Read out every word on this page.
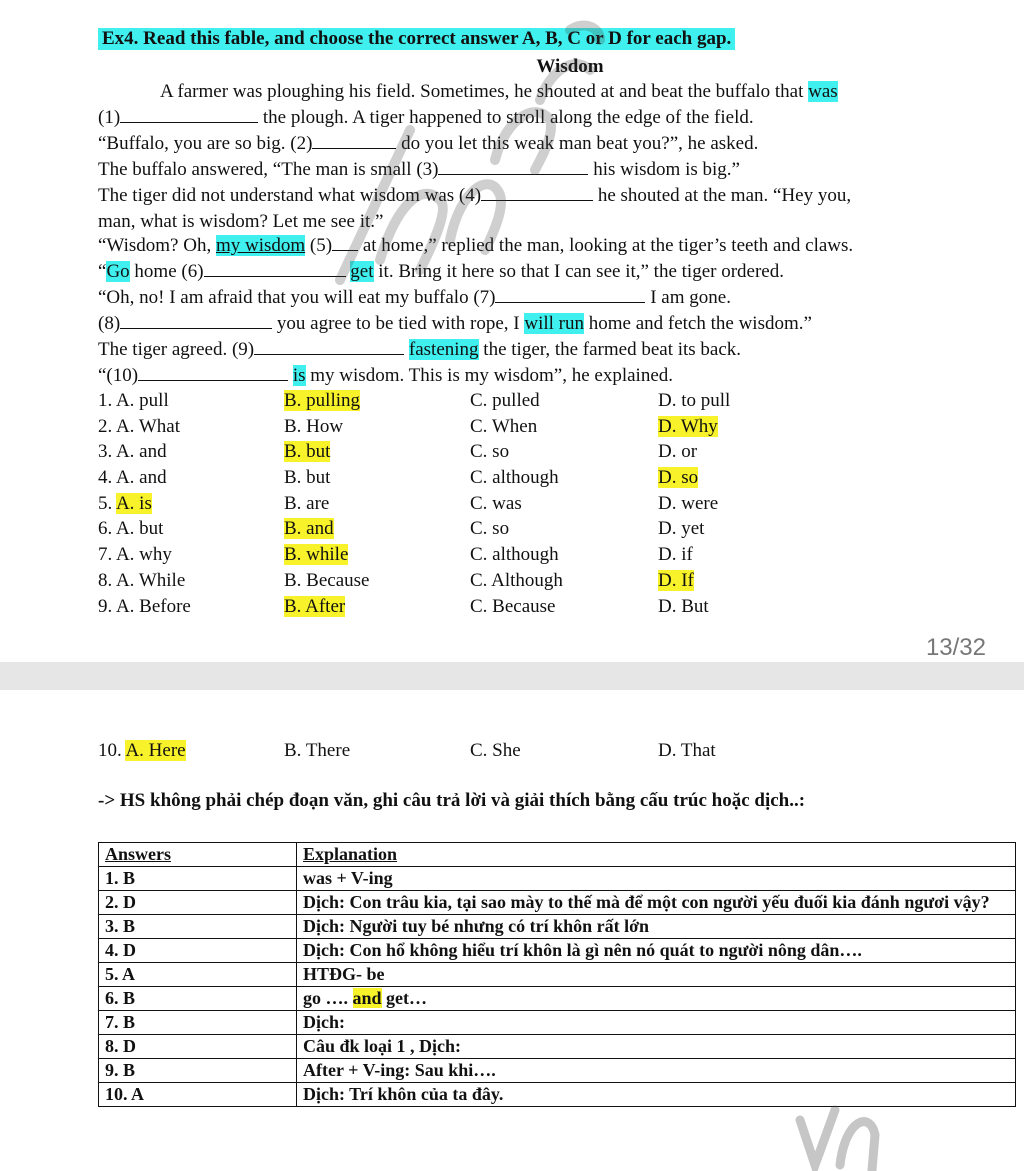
Ex4. Read this fable, and choose the correct answer A, B, C or D for each gap.
Wisdom
A farmer was ploughing his field. Sometimes, he shouted at and beat the buffalo that was
(1)	the plough. A tiger happened to stroll along the edge of the field.
“Buffalo, you are so big. (2)	do you let this weak man beat you?”, he asked.
The buffalo answered, “The man is small (3)	his wisdom is big.”
The tiger did not understand what wisdom was (4)	he shouted at the man. “Hey you,
man, what is wisdom? Let me see it.”
“Wisdom? Oh, my wisdom (5) at home,” replied the man, looking at the tiger’s teeth and claws.
“Go home (6)	get it. Bring it here so that I can see it,” the tiger ordered.
“Oh, no! I am afraid that you will eat my buffalo (7)	I am gone.
(8)	you agree to be tied with rope, I will run home and fetch the wisdom.”
The tiger agreed. (9)	fastening the tiger, the farmed beat its back.
“(10)	is my wisdom. This is my wisdom”, he explained.
1. A. pull	B. pulling	C. pulled	D. to pull
2. A. What	B. How	C. When	D. Why
3. A. and	B. but	C. so	D. or
4. A. and	B. but	C. although	D. so
5. A. is	B. are	C. was	D. were
6. A. but	B. and	C. so	D. yet
7. A. why	B. while	C. although	D. if
8. A. While	B. Because	C. Although	D. If
9. A. Before	B. After	C. Because	D. But
13/32
10. A. Here	B. There	C. She	D. That
-> HS không phải chép đoạn văn, ghi câu trả lời và giải thích bằng cấu trúc hoặc dịch..:
Answers	Explanation
1. B	was + V-ing
2. D	Dịch: Con trâu kia, tại sao mày to thế mà để một con người yếu đuối kia đánh ngươi vậy?
3. B	Dịch: Người tuy bé nhưng có trí khôn rất lớn
4. D	Dịch: Con hổ không hiểu trí khôn là gì nên nó quát to người nông dân….
5. A	HTĐG- be
6. B	go …. and get…
7. B	Dịch:
8. D	Câu đk loại 1 , Dịch:
9. B	After + V-ing: Sau khi….
10. A	Dịch: Trí khôn của ta đây.
